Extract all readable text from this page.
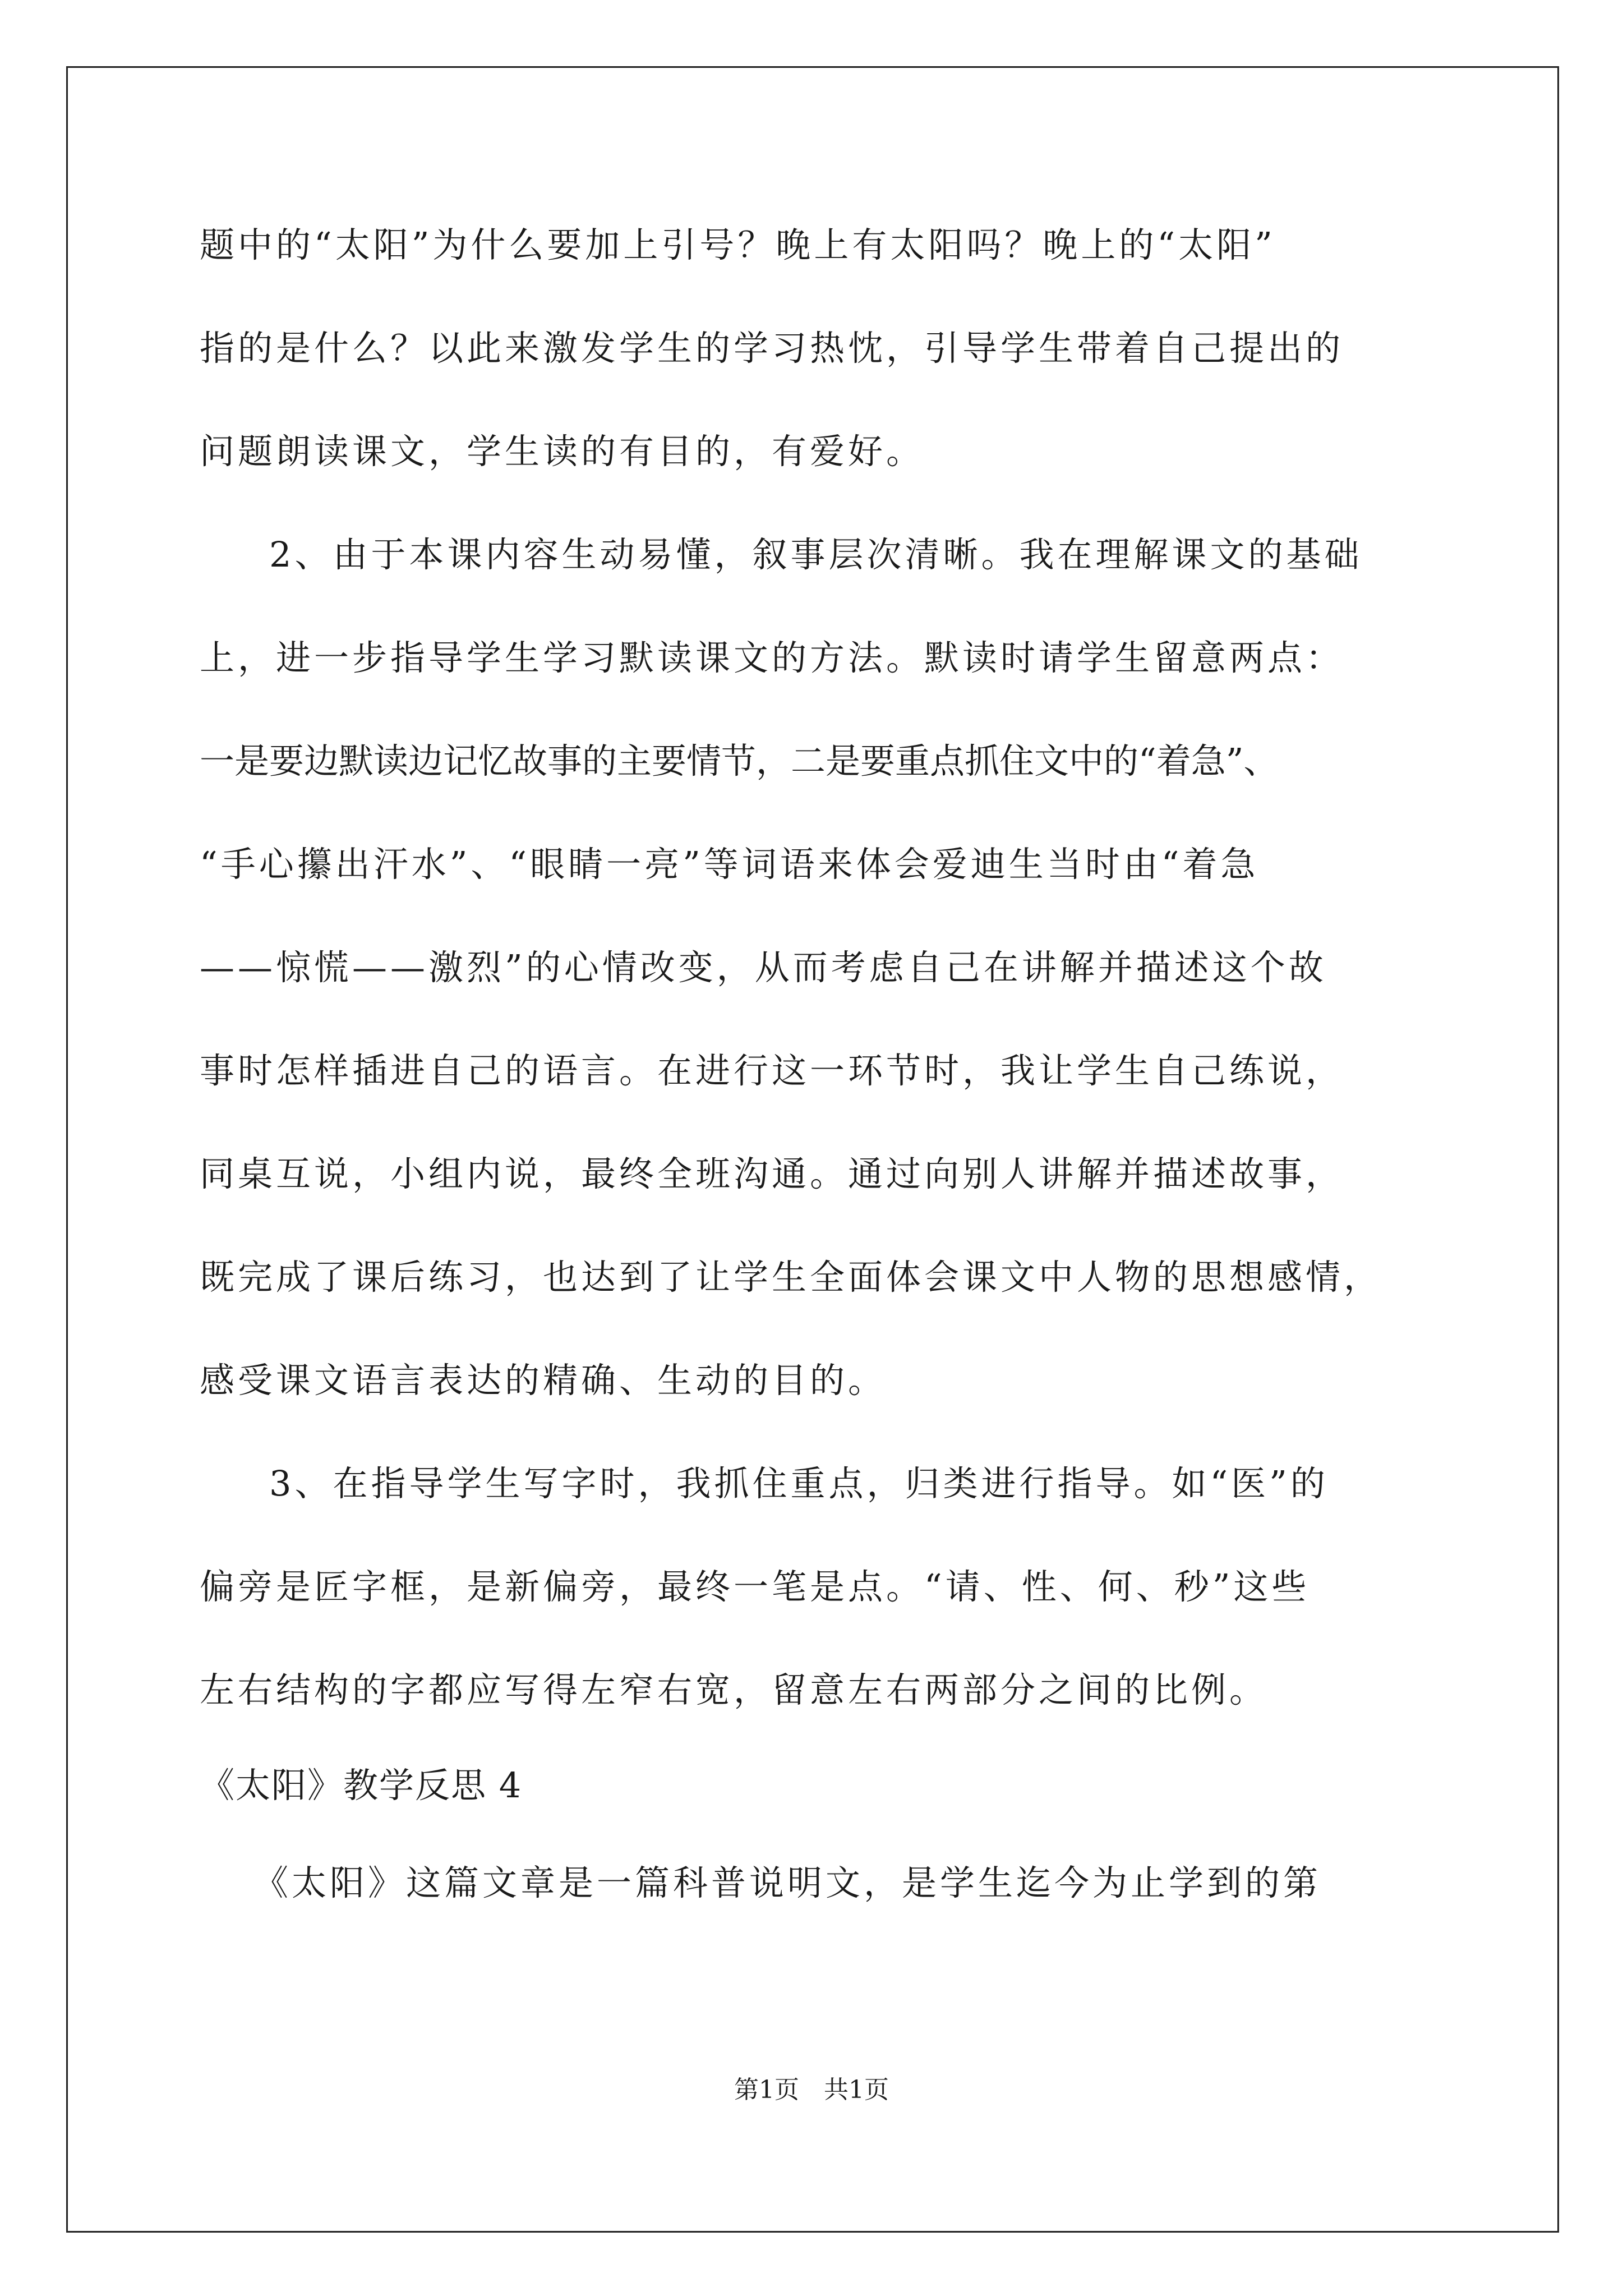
题中的“太阳”为什么要加上引号？晚上有太阳吗？晚上的“太阳”
指的是什么？以此来激发学生的学习热忱，引导学生带着自己提出的
问题朗读课文，学生读的有目的，有爱好。
2、由于本课内容生动易懂，叙事层次清晰。我在理解课文的基础
上，进一步指导学生学习默读课文的方法。默读时请学生留意两点：
一是要边默读边记忆故事的主要情节，二是要重点抓住文中的“着急”、
“手心攥出汗水”、“眼睛一亮”等词语来体会爱迪生当时由“着急
——惊慌——激烈”的心情改变，从而考虑自己在讲解并描述这个故
事时怎样插进自己的语言。在进行这一环节时，我让学生自己练说，
同桌互说，小组内说，最终全班沟通。通过向别人讲解并描述故事，
既完成了课后练习，也达到了让学生全面体会课文中人物的思想感情，
感受课文语言表达的精确、生动的目的。
3、在指导学生写字时，我抓住重点，归类进行指导。如“医”的
偏旁是匠字框，是新偏旁，最终一笔是点。“请、性、何、秒”这些
左右结构的字都应写得左窄右宽，留意左右两部分之间的比例。
《太阳》教学反思 4
《太阳》这篇文章是一篇科普说明文，是学生迄今为止学到的第
第1页　共1页
